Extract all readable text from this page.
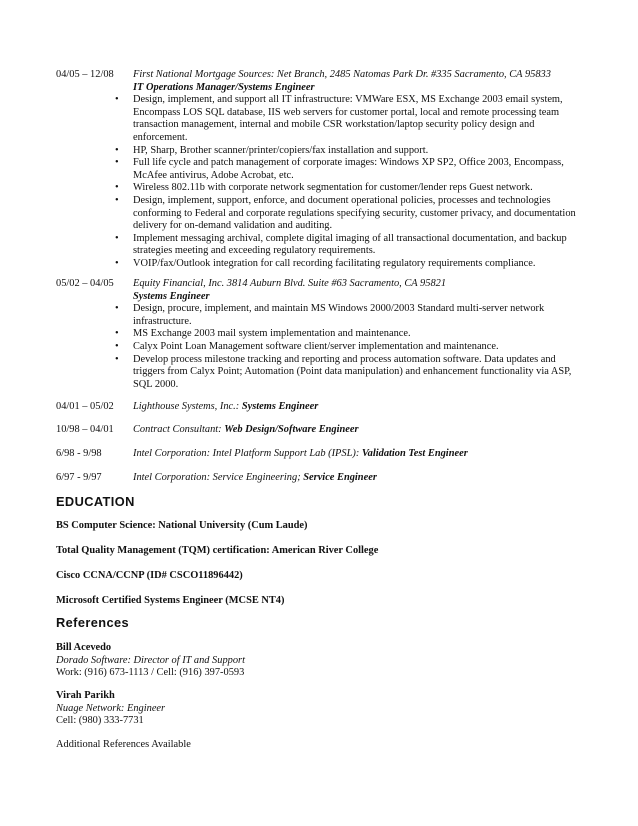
04/05 – 12/08	First National Mortgage Sources: Net Branch, 2485 Natomas Park Dr. #335 Sacramento, CA 95833
IT Operations Manager/Systems Engineer
• Design, implement, and support all IT infrastructure: VMWare ESX, MS Exchange 2003 email system,
Encompass LOS SQL database, IIS web servers for customer portal, local and remote processing team
transaction management, internal and mobile CSR workstation/laptop security policy design and
enforcement.
• HP, Sharp, Brother scanner/printer/copiers/fax installation and support.
• Full life cycle and patch management of corporate images: Windows XP SP2, Office 2003, Encompass,
McAfee antivirus, Adobe Acrobat, etc.
• Wireless 802.11b with corporate network segmentation for customer/lender reps Guest network.
• Design, implement, support, enforce, and document operational policies, processes and technologies
conforming to Federal and corporate regulations specifying security, customer privacy, and documentation
delivery for on-demand validation and auditing.
• Implement messaging archival, complete digital imaging of all transactional documentation, and backup
strategies meeting and exceeding regulatory requirements.
• VOIP/fax/Outlook integration for call recording facilitating regulatory requirements compliance.
05/02 – 04/05	Equity Financial, Inc. 3814 Auburn Blvd. Suite #63 Sacramento, CA 95821
Systems Engineer
• Design, procure, implement, and maintain MS Windows 2000/2003 Standard multi-server network
infrastructure.
• MS Exchange 2003 mail system implementation and maintenance.
• Calyx Point Loan Management software client/server implementation and maintenance.
• Develop process milestone tracking and reporting and process automation software. Data updates and
triggers from Calyx Point; Automation (Point data manipulation) and enhancement functionality via ASP,
SQL 2000.
04/01 – 05/02	Lighthouse Systems, Inc.: Systems Engineer
10/98 – 04/01	Contract Consultant: Web Design/Software Engineer
6/98 - 9/98	Intel Corporation: Intel Platform Support Lab (IPSL): Validation Test Engineer
6/97 - 9/97	Intel Corporation: Service Engineering; Service Engineer
EDUCATION
BS Computer Science: National University (Cum Laude)
Total Quality Management (TQM) certification: American River College
Cisco CCNA/CCNP (ID# CSCO11896442)
Microsoft Certified Systems Engineer (MCSE NT4)
References
Bill Acevedo
Dorado Software: Director of IT and Support
Work: (916) 673-1113 / Cell: (916) 397-0593
Virah Parikh
Nuage Network: Engineer
Cell: (980) 333-7731
Additional References Available
